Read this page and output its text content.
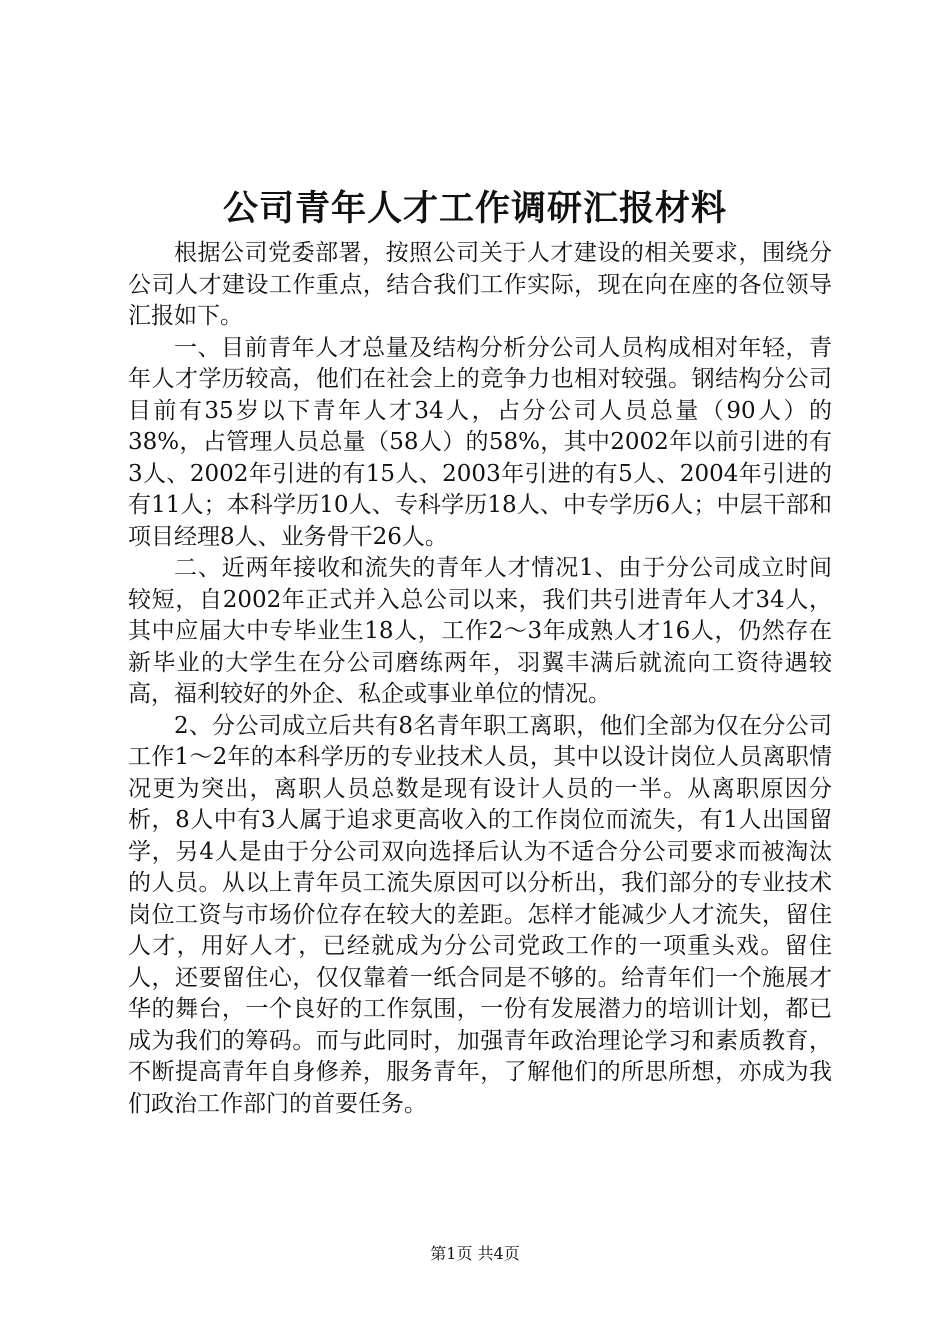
公司青年人才工作调研汇报材料

根据公司党委部署，按照公司关于人才建设的相关要求，围绕分公司人才建设工作重点，结合我们工作实际，现在向在座的各位领导汇报如下。

一、目前青年人才总量及结构分析分公司人员构成相对年轻，青年人才学历较高，他们在社会上的竞争力也相对较强。钢结构分公司目前有35岁以下青年人才34人，占分公司人员总量（90人）的38%，占管理人员总量（58人）的58%，其中2002年以前引进的有3人、2002年引进的有15人、2003年引进的有5人、2004年引进的有11人；本科学历10人、专科学历18人、中专学历6人；中层干部和项目经理8人、业务骨干26人。

二、近两年接收和流失的青年人才情况1、由于分公司成立时间较短，自2002年正式并入总公司以来，我们共引进青年人才34人，其中应届大中专毕业生18人，工作2～3年成熟人才16人，仍然存在新毕业的大学生在分公司磨练两年，羽翼丰满后就流向工资待遇较高，福利较好的外企、私企或事业单位的情况。

2、分公司成立后共有8名青年职工离职，他们全部为仅在分公司工作1～2年的本科学历的专业技术人员，其中以设计岗位人员离职情况更为突出，离职人员总数是现有设计人员的一半。从离职原因分析，8人中有3人属于追求更高收入的工作岗位而流失，有1人出国留学，另4人是由于分公司双向选择后认为不适合分公司要求而被淘汰的人员。从以上青年员工流失原因可以分析出，我们部分的专业技术岗位工资与市场价位存在较大的差距。怎样才能减少人才流失，留住人才，用好人才，已经就成为分公司党政工作的一项重头戏。留住人，还要留住心，仅仅靠着一纸合同是不够的。给青年们一个施展才华的舞台，一个良好的工作氛围，一份有发展潜力的培训计划，都已成为我们的筹码。而与此同时，加强青年政治理论学习和素质教育，不断提高青年自身修养，服务青年，了解他们的所思所想，亦成为我们政治工作部门的首要任务。

第1页 共4页
